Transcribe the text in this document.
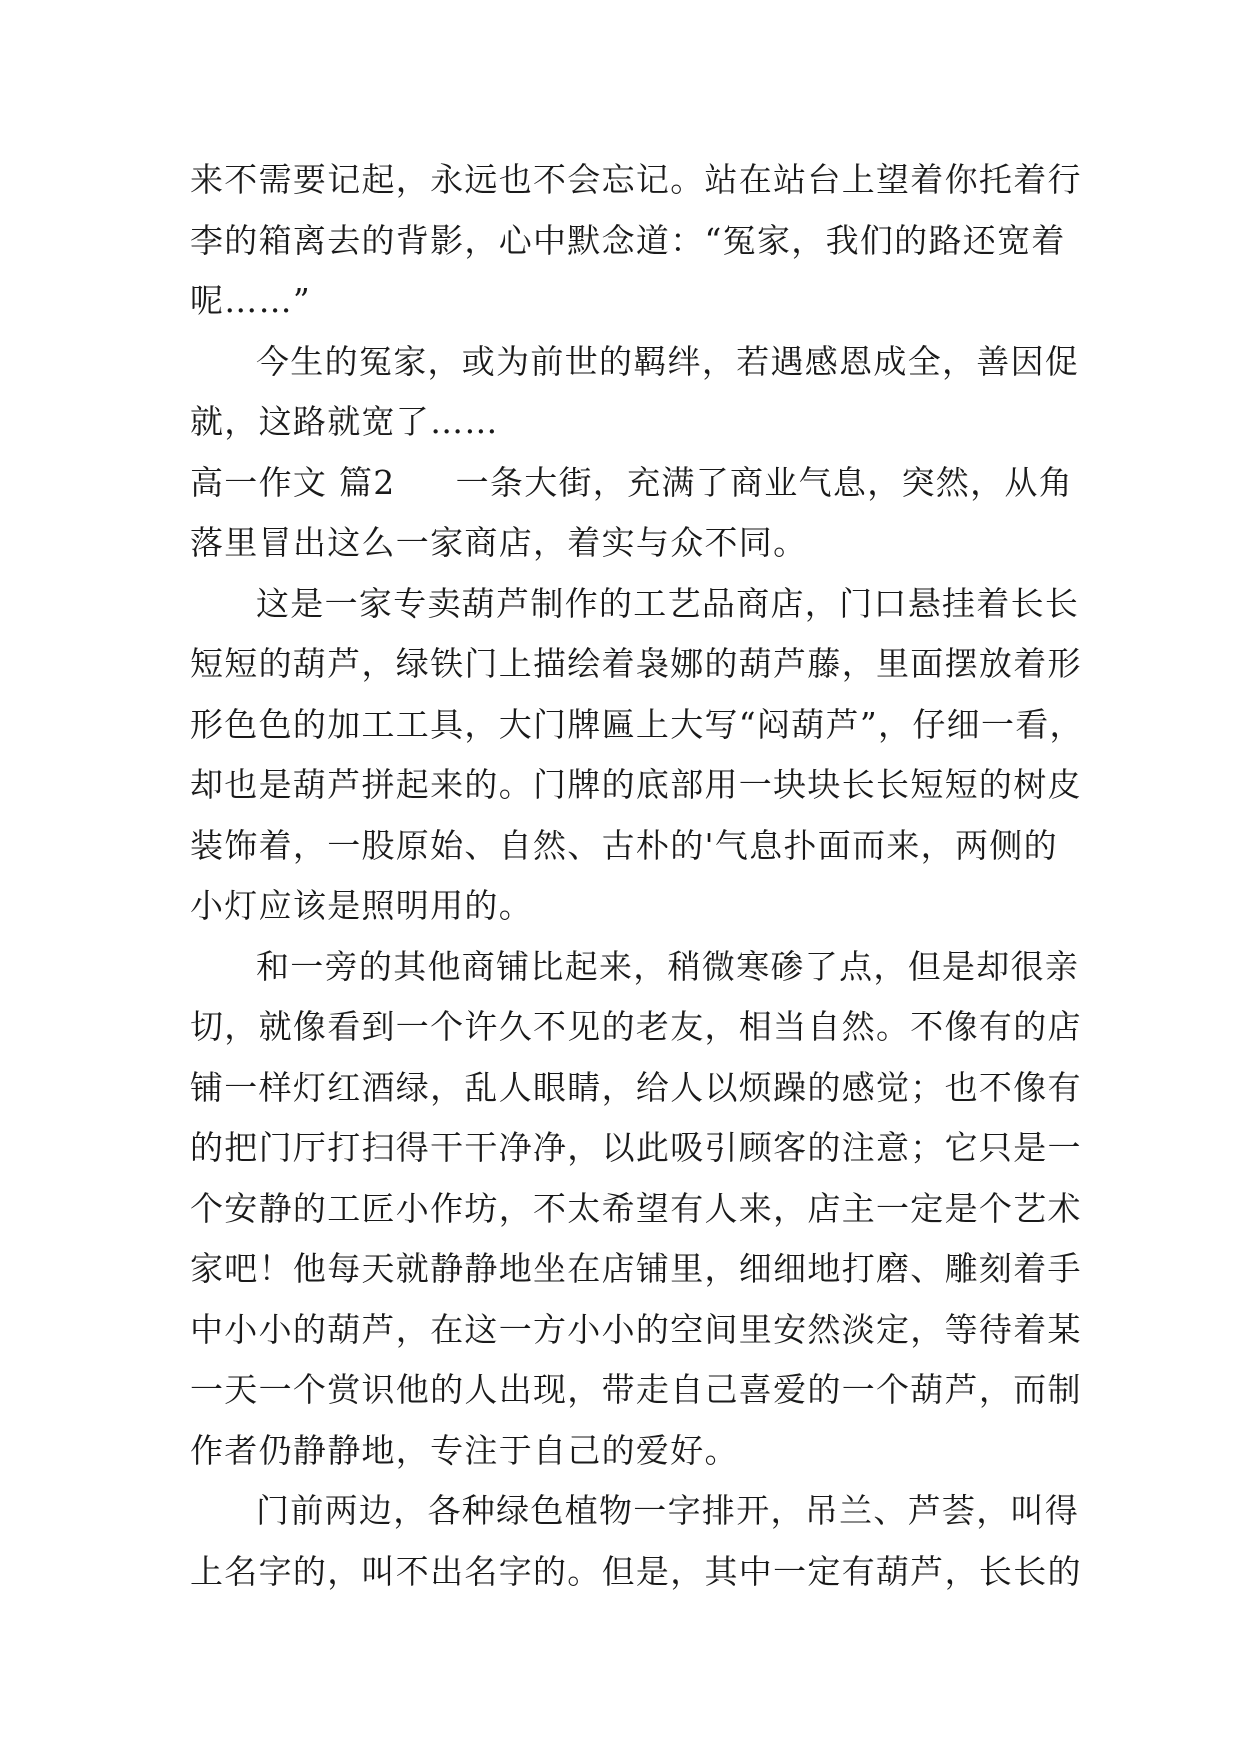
来不需要记起，永远也不会忘记。站在站台上望着你托着行
李的箱离去的背影，心中默念道：“冤家，我们的路还宽着
呢……”

今生的冤家，或为前世的羁绊，若遇感恩成全，善因促
就，这路就宽了……

高一作文 篇2 一条大街，充满了商业气息，突然，从角
落里冒出这么一家商店，着实与众不同。

这是一家专卖葫芦制作的工艺品商店，门口悬挂着长长
短短的葫芦，绿铁门上描绘着袅娜的葫芦藤，里面摆放着形
形色色的加工工具，大门牌匾上大写“闷葫芦”，仔细一看，
却也是葫芦拼起来的。门牌的底部用一块块长长短短的树皮
装饰着，一股原始、自然、古朴的'气息扑面而来，两侧的
小灯应该是照明用的。

和一旁的其他商铺比起来，稍微寒碜了点，但是却很亲
切，就像看到一个许久不见的老友，相当自然。不像有的店
铺一样灯红酒绿，乱人眼睛，给人以烦躁的感觉；也不像有
的把门厅打扫得干干净净，以此吸引顾客的注意；它只是一
个安静的工匠小作坊，不太希望有人来，店主一定是个艺术
家吧！他每天就静静地坐在店铺里，细细地打磨、雕刻着手
中小小的葫芦，在这一方小小的空间里安然淡定，等待着某
一天一个赏识他的人出现，带走自己喜爱的一个葫芦，而制
作者仍静静地，专注于自己的爱好。

门前两边，各种绿色植物一字排开，吊兰、芦荟，叫得
上名字的，叫不出名字的。但是，其中一定有葫芦，长长的
